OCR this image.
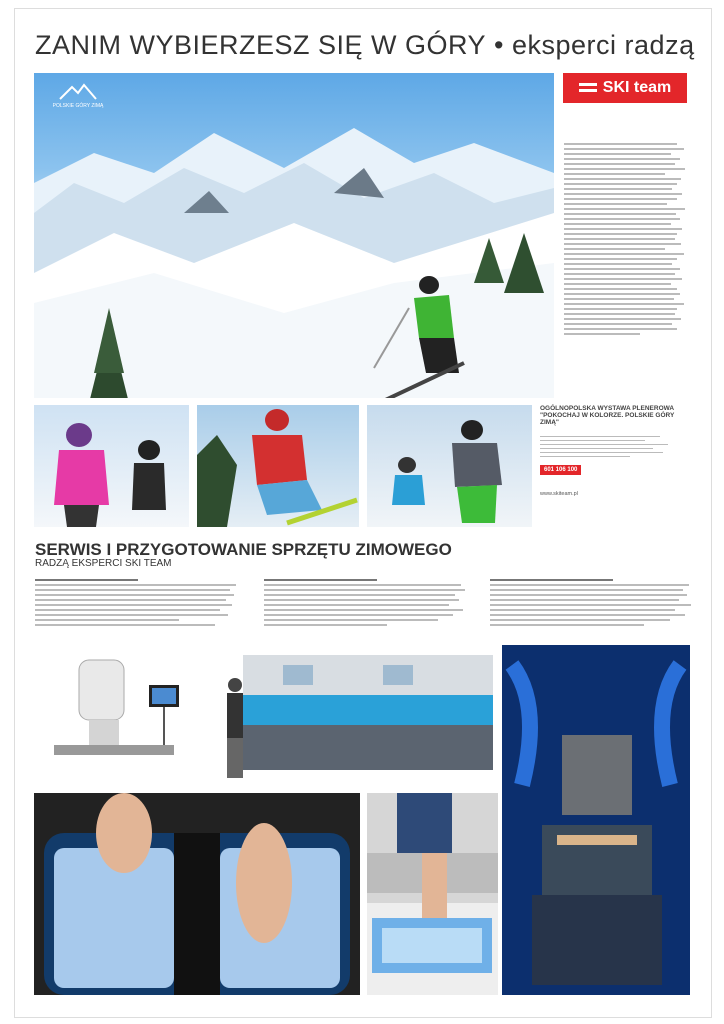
ZANIM WYBIERZESZ SIĘ W GÓRY • eksperci radzą
POLSKIE GÓRY ZIMĄ
SKI team
OGÓLNOPOLSKA WYSTAWA PLENEROWA
"POKOCHAJ W KOLORZE. POLSKIE GÓRY ZIMĄ"
601 106 100
www.skiteam.pl
SERWIS I PRZYGOTOWANIE SPRZĘTU ZIMOWEGO
RADZĄ EKSPERCI SKI TEAM
